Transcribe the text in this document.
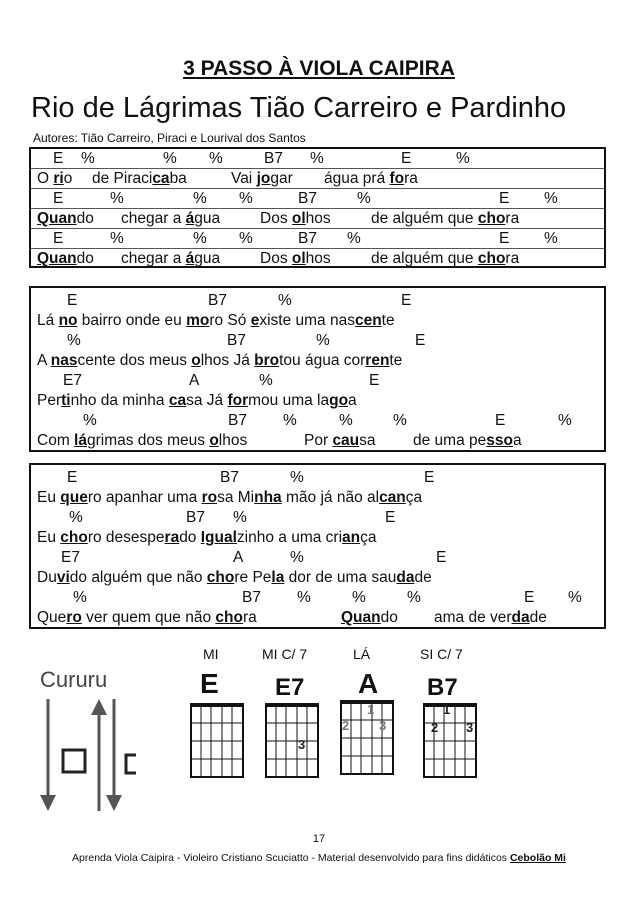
3 PASSO À VIOLA CAIPIRA
Rio de Lágrimas Tião Carreiro e Pardinho
Autores: Tião Carreiro, Piraci e Lourival dos Santos
E %	% %	B7 %	E	%
O rio de Piracicaba	Vai jogar água prá fora
E	%	% %	B7	%	E %
Quando chegar a água	Dos olhos	de alguém que chora
E	%	% %	B7 %	E %
Quando chegar a água	Dos olhos	de alguém que chora
E	B7	%	E
Lá no bairro onde eu moro Só existe uma nascente
%	B7	%	E
A nascente dos meus olhos Já brotou água corrente
E7	A	%	E
Pertinho da minha casa Já formou uma lagoa
%	B7 %	%	%	E	%
Com lágrimas dos meus olhos	Por causa de uma pessoa
E	B7	%	E
Eu quero apanhar uma rosa Minha mão já não alcança
%	B7 %	E
Eu choro desesperado Igualzinho a uma criança
E7	A	%	E
Duvido alguém que não chore Pela dor de uma saudade
%	B7 %	%	%	E %
Quero ver quem que não chora	Quando ama de verdade
MI	MI C/ 7	LÁ	SI C/ 7
Cururu	E E7
3
A
1
2 3
B7
1
2 3
17
Aprenda Viola Caipira - Violeiro Cristiano Scuciatto - Material desenvolvido para fins didáticos Cebolão Mi
